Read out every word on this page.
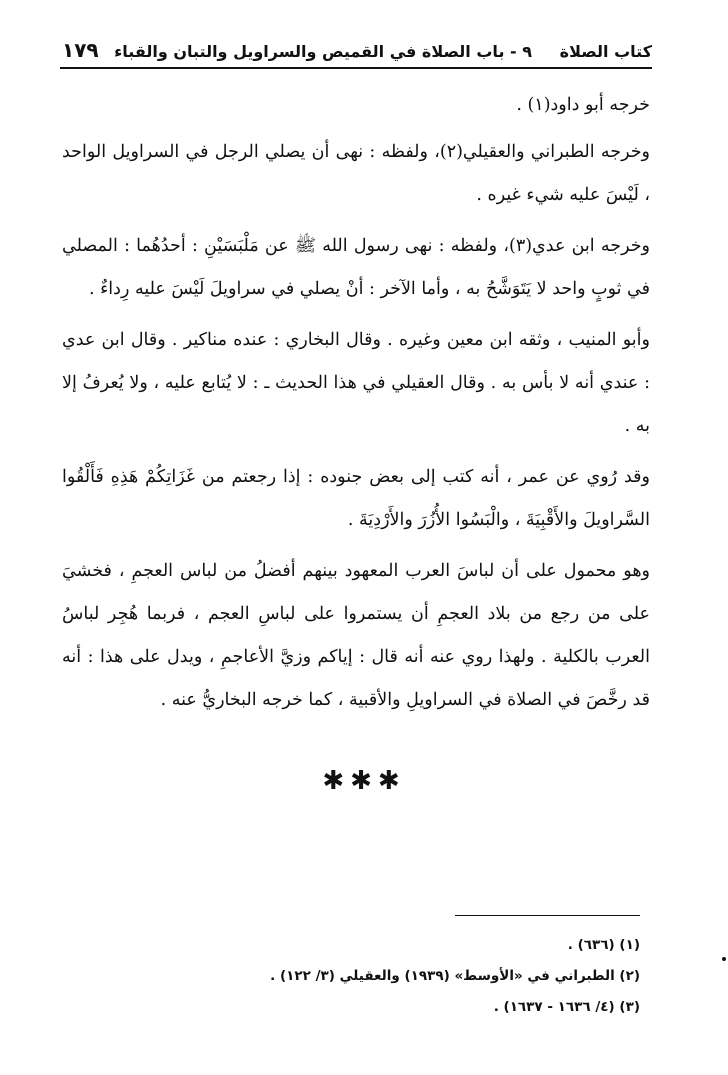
كتاب الصلاة
٩ - باب الصلاة في القميص والسراويل والتبان والقباء
١٧٩

خرجه أبو داود(١) .

وخرجه الطبراني والعقيلي(٢)، ولفظه : نهى أن يصلي الرجل في السراويل الواحد ، لَيْسَ عليه شيء غيره .

وخرجه ابن عدي(٣)، ولفظه : نهى رسول الله ﷺ عن مَلْبَسَيْنِ : أحدُهُما : المصلي في ثوبٍ واحد لا يَتَوَشَّحُ به ، وأما الآخر : أنْ يصلي في سراويلَ لَيْسَ عليه رِداءٌ .

وأبو المنيب ، وثقه ابن معين وغيره . وقال البخاري : عنده مناكير . وقال ابن عدي : عندي أنه لا بأس به . وقال العقيلي في هذا الحديث ـ : لا يُتابع عليه ، ولا يُعرفُ إلا به .

وقد رُوي عن عمر ، أنه كتب إلى بعض جنوده : إذا رجعتم من غَزَاتِكُمْ هَذِهِ فَأَلْقُوا السَّراويلَ والأَقْبِيَةَ ، والْبَسُوا الأُزُرَ والأَرْدِيَةَ .

وهو محمول على أن لباسَ العرب المعهود بينهم أفضلُ من لباس العجمِ ، فخشيَ على من رجع من بلاد العجمِ أن يستمروا على لباسِ العجم ، فربما هُجِر لباسُ العرب بالكلية . ولهذا روي عنه أنه قال : إياكم وزيَّ الأعاجمِ ، ويدل على هذا : أنه قد رخَّصَ في الصلاة في السراويلِ والأقبية ، كما خرجه البخاريُّ عنه .

✱✱✱
(١) (٦٣٦) .
(٢) الطبراني في «الأوسط» (١٩٣٩) والعقيلي (٣/ ١٢٢) .
(٣) (٤/ ١٦٣٦ - ١٦٣٧) .
